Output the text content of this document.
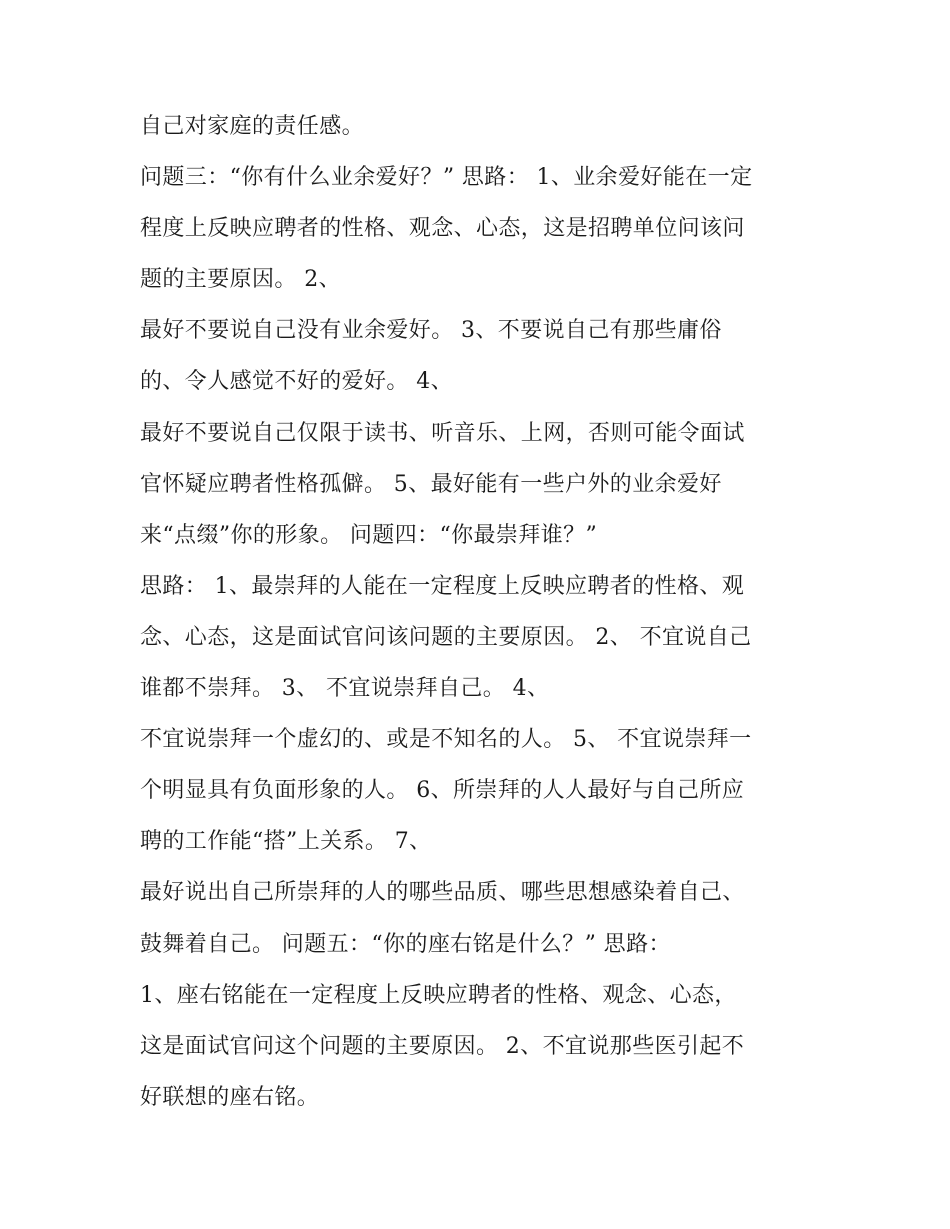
自己对家庭的责任感。
问题三：“你有什么业余爱好？” 思路： 1、业余爱好能在一定
程度上反映应聘者的性格、观念、心态，这是招聘单位问该问
题的主要原因。 2、
最好不要说自己没有业余爱好。 3、不要说自己有那些庸俗
的、令人感觉不好的爱好。 4、
最好不要说自己仅限于读书、听音乐、上网，否则可能令面试
官怀疑应聘者性格孤僻。 5、最好能有一些户外的业余爱好
来“点缀”你的形象。 问题四：“你最崇拜谁？”
思路： 1、最崇拜的人能在一定程度上反映应聘者的性格、观
念、心态，这是面试官问该问题的主要原因。 2、 不宜说自己
谁都不崇拜。 3、 不宜说崇拜自己。 4、
不宜说崇拜一个虚幻的、或是不知名的人。 5、 不宜说崇拜一
个明显具有负面形象的人。 6、所崇拜的人人最好与自己所应
聘的工作能“搭”上关系。 7、
最好说出自己所崇拜的人的哪些品质、哪些思想感染着自己、
鼓舞着自己。 问题五：“你的座右铭是什么？” 思路：
1、座右铭能在一定程度上反映应聘者的性格、观念、心态，
这是面试官问这个问题的主要原因。 2、不宜说那些医引起不
好联想的座右铭。
